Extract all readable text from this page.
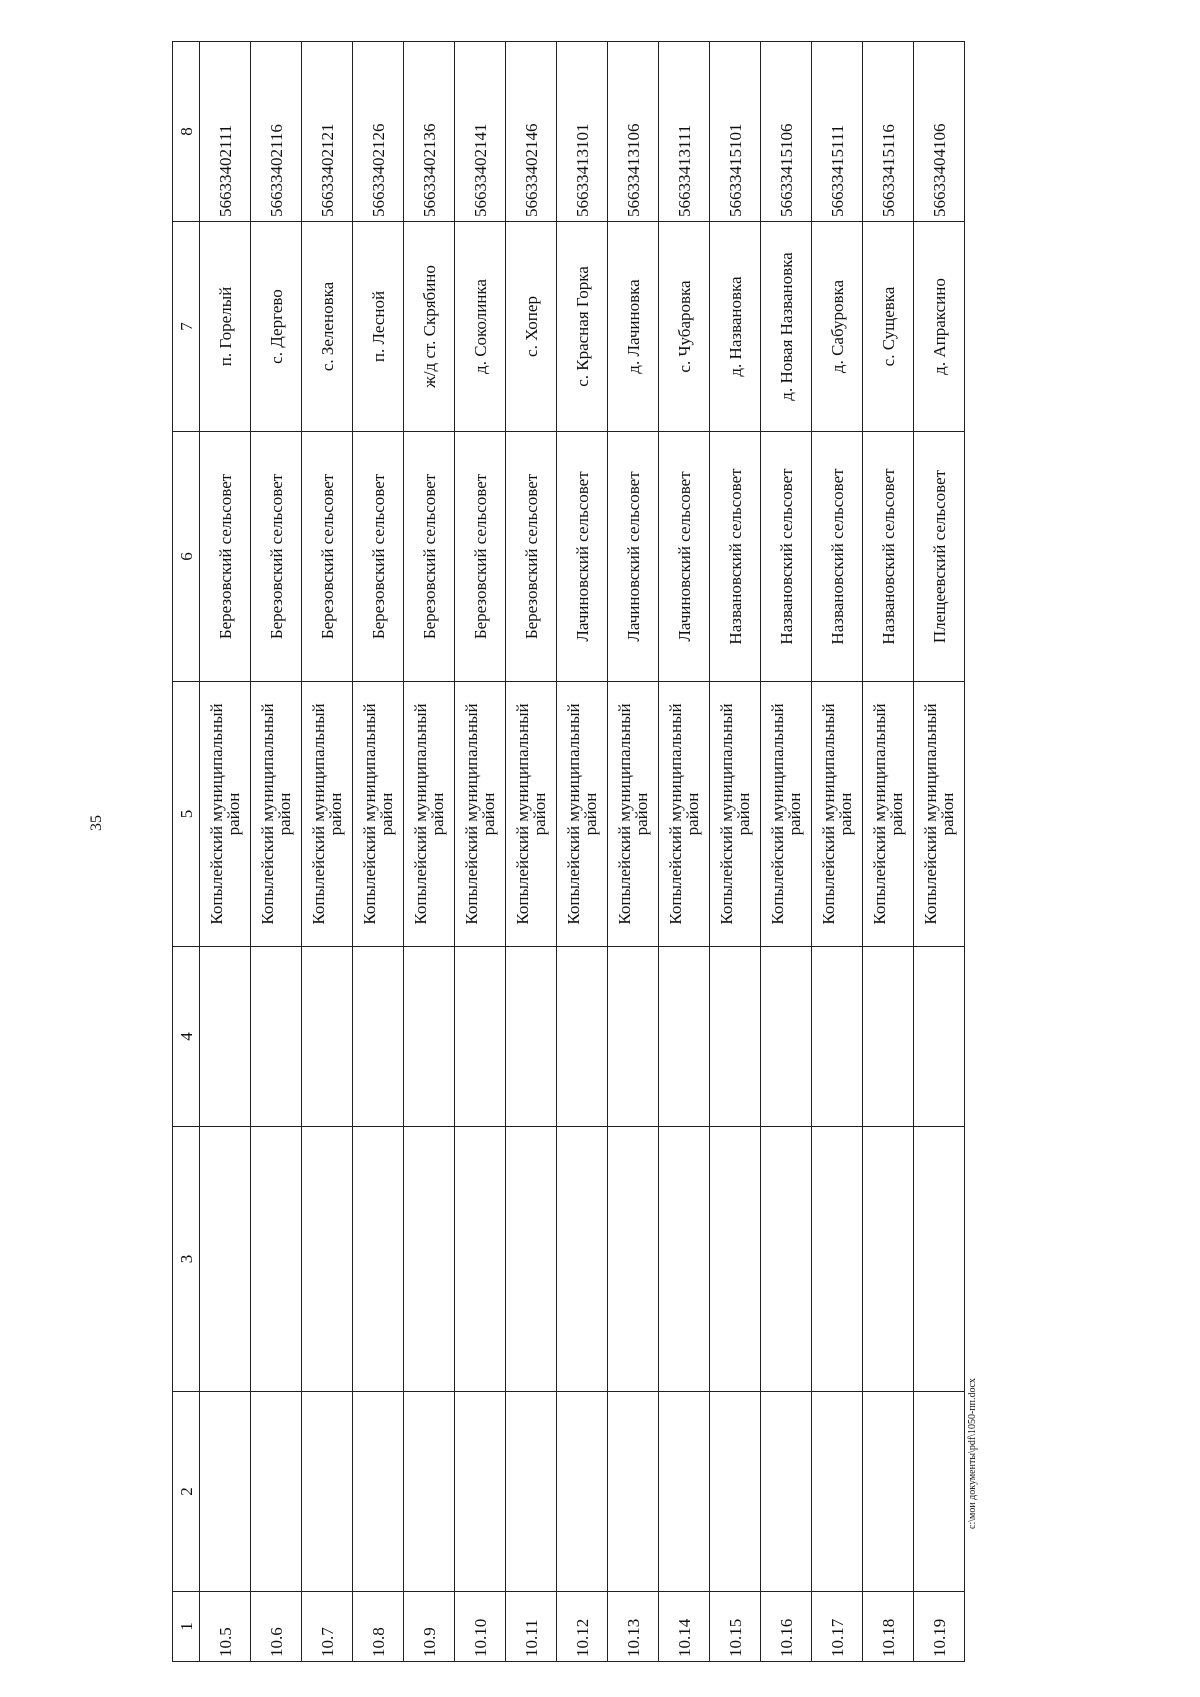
35
1	2	3	4	5	6	7	8
10.5				Копылейский муниципальный район	Березовский сельсовет	п. Горелый	56633402111
10.6				Копылейский муниципальный район	Березовский сельсовет	с. Дергево	56633402116
10.7				Копылейский муниципальный район	Березовский сельсовет	с. Зеленовка	56633402121
10.8				Копылейский муниципальный район	Березовский сельсовет	п. Лесной	56633402126
10.9				Копылейский муниципальный район	Березовский сельсовет	ж/д ст. Скрябино	56633402136
10.10				Копылейский муниципальный район	Березовский сельсовет	д. Соколинка	56633402141
10.11				Копылейский муниципальный район	Березовский сельсовет	с. Хопер	56633402146
10.12				Копылейский муниципальный район	Лачиновский сельсовет	с. Красная Горка	56633413101
10.13				Копылейский муниципальный район	Лачиновский сельсовет	д. Лачиновка	56633413106
10.14				Копылейский муниципальный район	Лачиновский сельсовет	с. Чубаровка	56633413111
10.15				Копылейский муниципальный район	Названовский сельсовет	д. Названовка	56633415101
10.16				Копылейский муниципальный район	Названовский сельсовет	д. Новая Названовка	56633415106
10.17				Копылейский муниципальный район	Названовский сельсовет	д. Сабуровка	56633415111
10.18				Копылейский муниципальный район	Названовский сельсовет	с. Сущевка	56633415116
10.19				Копылейский муниципальный район	Плещеевский сельсовет	д. Апраксино	56633404106
c:\мои документы\pdf\1050-пп.docx
